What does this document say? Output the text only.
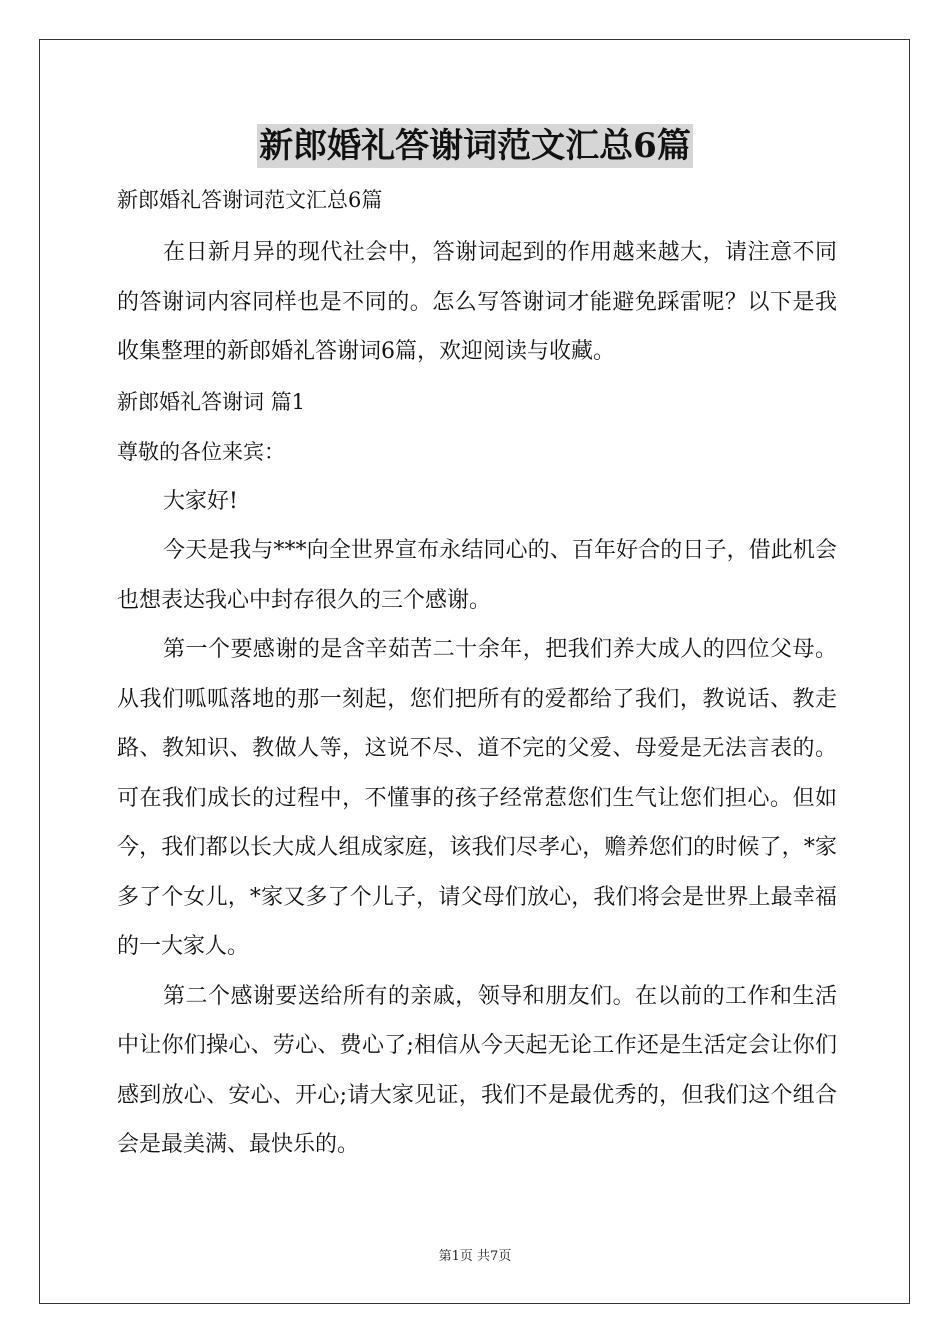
新郎婚礼答谢词范文汇总6篇
新郎婚礼答谢词范文汇总6篇
在日新月异的现代社会中，答谢词起到的作用越来越大，请注意不同的答谢词内容同样也是不同的。怎么写答谢词才能避免踩雷呢？以下是我收集整理的新郎婚礼答谢词6篇，欢迎阅读与收藏。
新郎婚礼答谢词 篇1
尊敬的各位来宾：
大家好!
今天是我与***向全世界宣布永结同心的、百年好合的日子，借此机会也想表达我心中封存很久的三个感谢。
第一个要感谢的是含辛茹苦二十余年，把我们养大成人的四位父母。从我们呱呱落地的那一刻起，您们把所有的爱都给了我们，教说话、教走路、教知识、教做人等，这说不尽、道不完的父爱、母爱是无法言表的。可在我们成长的过程中，不懂事的孩子经常惹您们生气让您们担心。但如今，我们都以长大成人组成家庭，该我们尽孝心，赡养您们的时候了，*家多了个女儿，*家又多了个儿子，请父母们放心，我们将会是世界上最幸福的一大家人。
第二个感谢要送给所有的亲戚，领导和朋友们。在以前的工作和生活中让你们操心、劳心、费心了;相信从今天起无论工作还是生活定会让你们感到放心、安心、开心;请大家见证，我们不是最优秀的，但我们这个组合会是最美满、最快乐的。
第1页 共7页
